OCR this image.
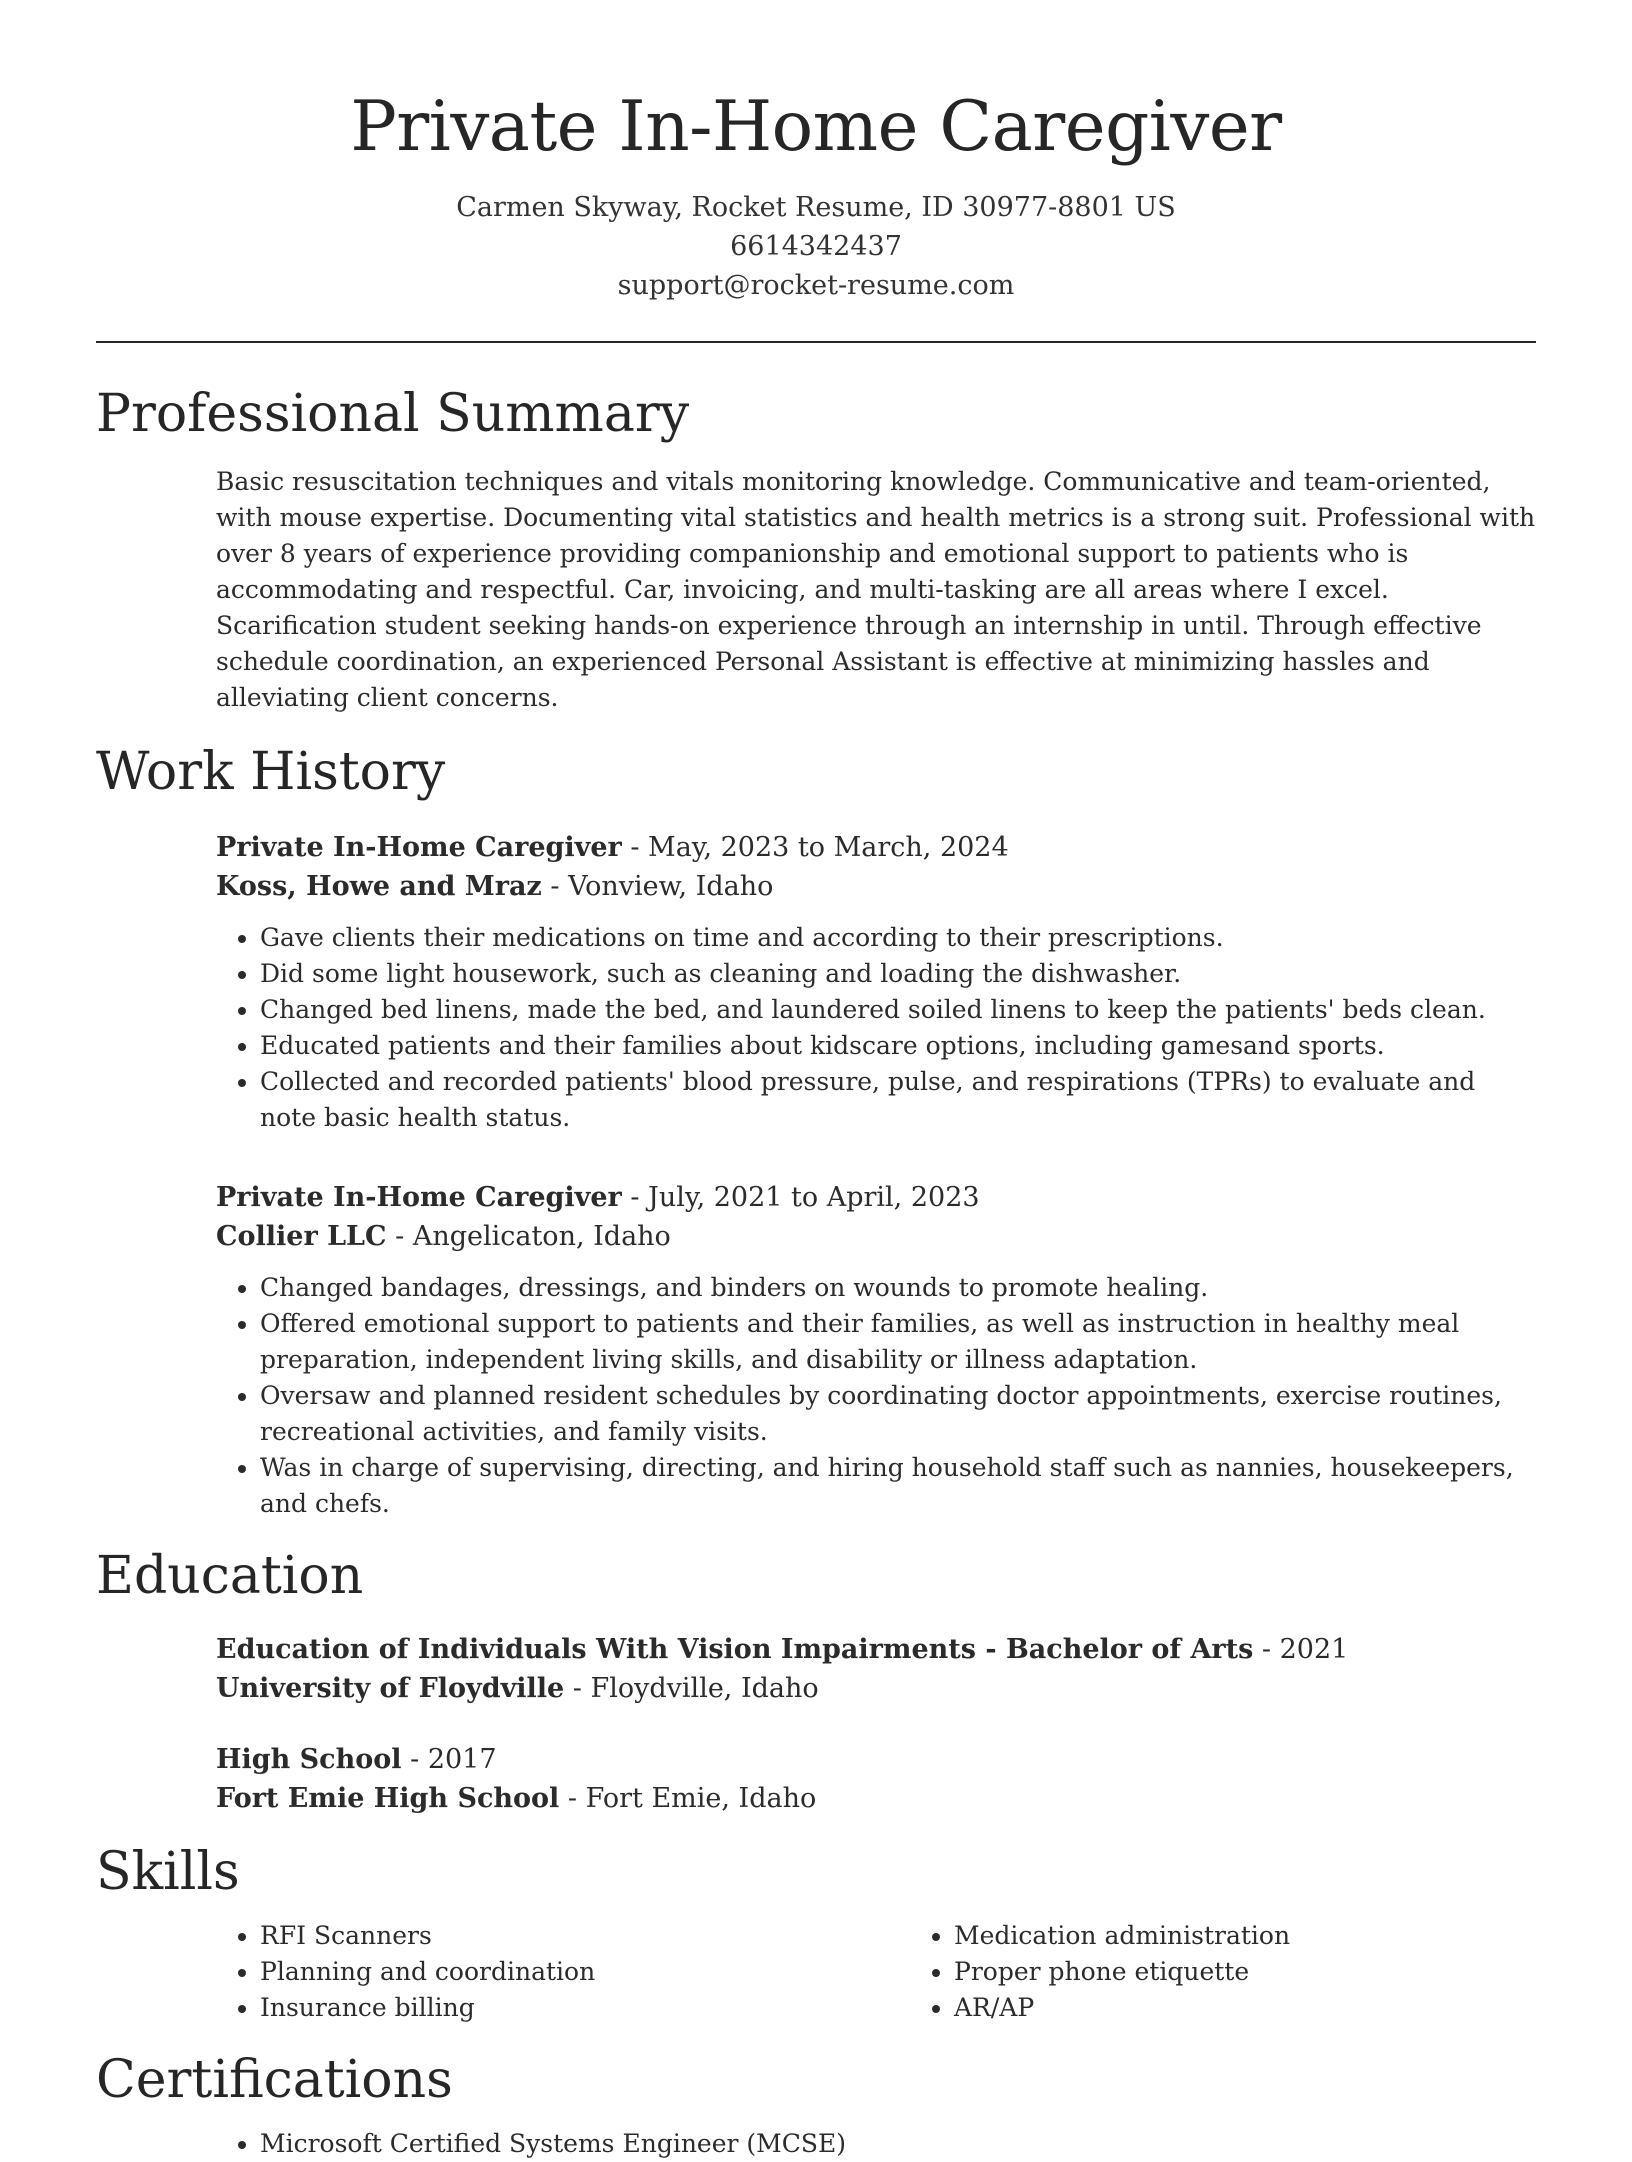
Private In-Home Caregiver
Carmen Skyway, Rocket Resume, ID 30977-8801 US
6614342437
support@rocket-resume.com
Professional Summary

Basic resuscitation techniques and vitals monitoring knowledge. Communicative and team-oriented, with mouse expertise. Documenting vital statistics and health metrics is a strong suit. Professional with over 8 years of experience providing companionship and emotional support to patients who is accommodating and respectful. Car, invoicing, and multi-tasking are all areas where I excel. Scarification student seeking hands-on experience through an internship in until. Through effective schedule coordination, an experienced Personal Assistant is effective at minimizing hassles and alleviating client concerns.

Work History
Private In-Home Caregiver - May, 2023 to March, 2024
Koss, Howe and Mraz - Vonview, Idaho
• Gave clients their medications on time and according to their prescriptions.
• Did some light housework, such as cleaning and loading the dishwasher.
• Changed bed linens, made the bed, and laundered soiled linens to keep the patients' beds clean.
• Educated patients and their families about kidscare options, including gamesand sports.
• Collected and recorded patients' blood pressure, pulse, and respirations (TPRs) to evaluate and note basic health status.
Private In-Home Caregiver - July, 2021 to April, 2023
Collier LLC - Angelicaton, Idaho
• Changed bandages, dressings, and binders on wounds to promote healing.
• Offered emotional support to patients and their families, as well as instruction in healthy meal preparation, independent living skills, and disability or illness adaptation.
• Oversaw and planned resident schedules by coordinating doctor appointments, exercise routines, recreational activities, and family visits.
• Was in charge of supervising, directing, and hiring household staff such as nannies, housekeepers, and chefs.
Education
Education of Individuals With Vision Impairments - Bachelor of Arts - 2021
University of Floydville - Floydville, Idaho
High School - 2017
Fort Emie High School - Fort Emie, Idaho
Skills
• RFI Scanners
• Planning and coordination
• Insurance billing
• Medication administration
• Proper phone etiquette
• AR/AP
Certifications
• Microsoft Certified Systems Engineer (MCSE)
